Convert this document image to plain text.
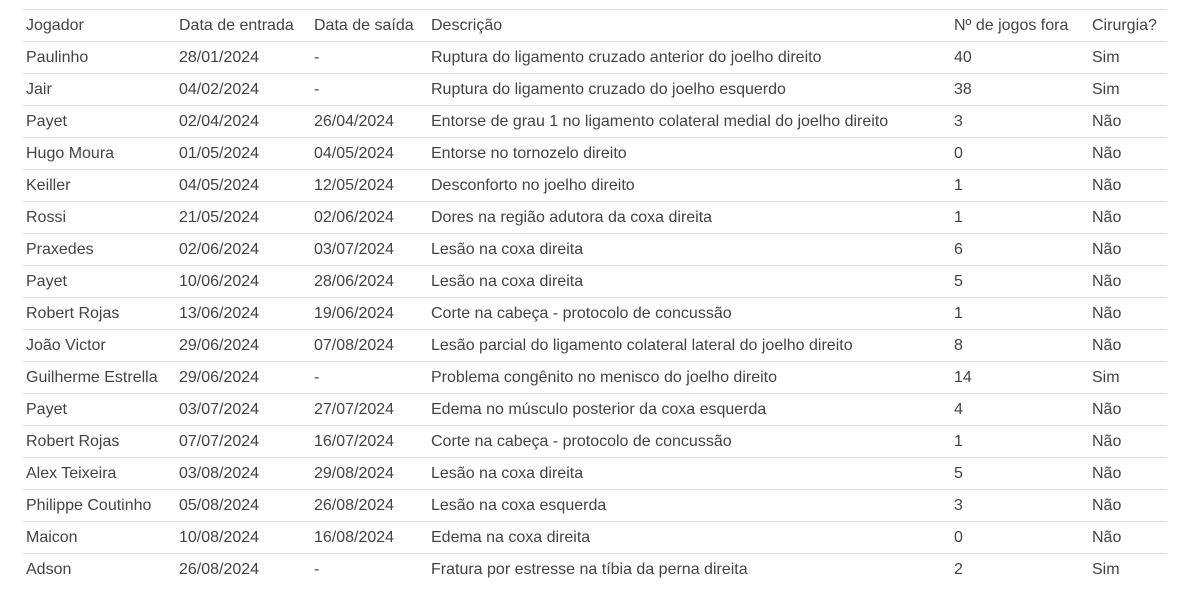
Jogador	Data de entrada	Data de saída	Descrição	Nº de jogos fora	Cirurgia?
Paulinho	28/01/2024	-	Ruptura do ligamento cruzado anterior do joelho direito	40	Sim
Jair	04/02/2024	-	Ruptura do ligamento cruzado do joelho esquerdo	38	Sim
Payet	02/04/2024	26/04/2024	Entorse de grau 1 no ligamento colateral medial do joelho direito	3	Não
Hugo Moura	01/05/2024	04/05/2024	Entorse no tornozelo direito	0	Não
Keiller	04/05/2024	12/05/2024	Desconforto no joelho direito	1	Não
Rossi	21/05/2024	02/06/2024	Dores na região adutora da coxa direita	1	Não
Praxedes	02/06/2024	03/07/2024	Lesão na coxa direita	6	Não
Payet	10/06/2024	28/06/2024	Lesão na coxa direita	5	Não
Robert Rojas	13/06/2024	19/06/2024	Corte na cabeça - protocolo de concussão	1	Não
João Victor	29/06/2024	07/08/2024	Lesão parcial do ligamento colateral lateral do joelho direito	8	Não
Guilherme Estrella	29/06/2024	-	Problema congênito no menisco do joelho direito	14	Sim
Payet	03/07/2024	27/07/2024	Edema no músculo posterior da coxa esquerda	4	Não
Robert Rojas	07/07/2024	16/07/2024	Corte na cabeça - protocolo de concussão	1	Não
Alex Teixeira	03/08/2024	29/08/2024	Lesão na coxa direita	5	Não
Philippe Coutinho	05/08/2024	26/08/2024	Lesão na coxa esquerda	3	Não
Maicon	10/08/2024	16/08/2024	Edema na coxa direita	0	Não
Adson	26/08/2024	-	Fratura por estresse na tíbia da perna direita	2	Sim
